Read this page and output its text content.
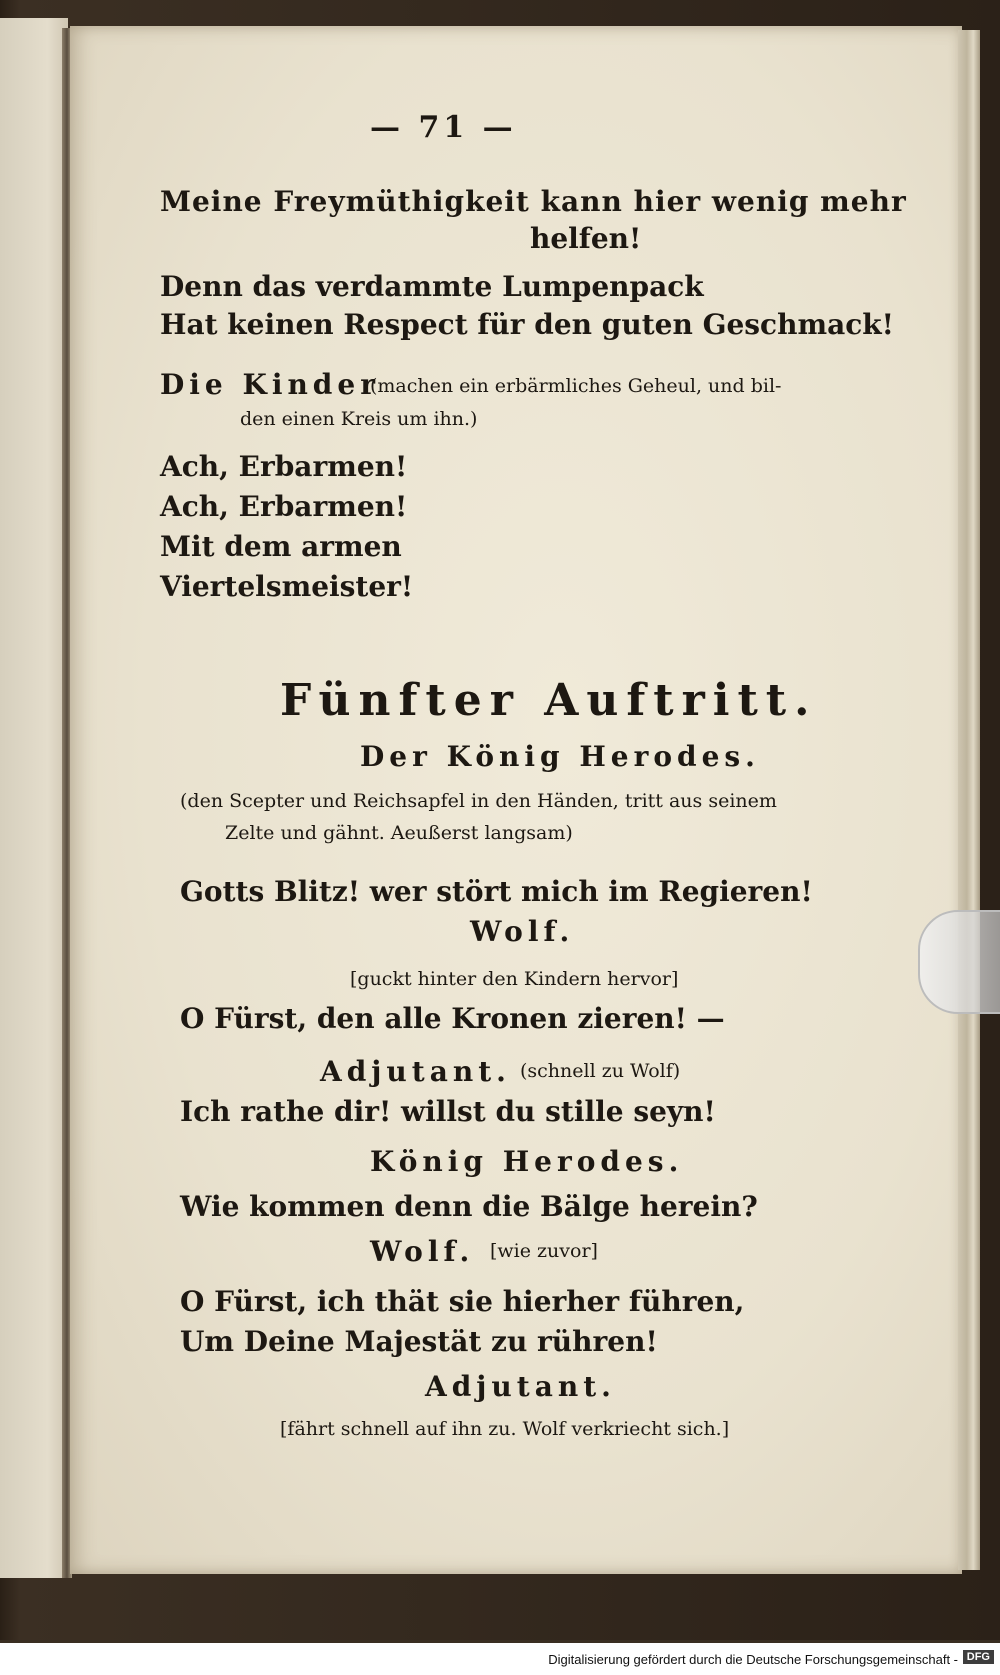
— 71 —
Meine Freymüthigkeit kann hier wenig mehr
helfen!
Denn das verdammte Lumpenpack
Hat keinen Respect für den guten Geschmack!
Die Kinder
(machen ein erbärmliches Geheul, und bil-
den einen Kreis um ihn.)
Ach, Erbarmen!
Ach, Erbarmen!
Mit dem armen
Viertelsmeister!
Fünfter Auftritt.
Der König Herodes.
(den Scepter und Reichsapfel in den Händen, tritt aus seinem
Zelte und gähnt. Aeußerst langsam)
Gotts Blitz! wer stört mich im Regieren!
Wolf.
[guckt hinter den Kindern hervor]
O Fürst, den alle Kronen zieren! —
Adjutant. (schnell zu Wolf)
Ich rathe dir! willst du stille seyn!
König Herodes.
Wie kommen denn die Bälge herein?
Wolf. [wie zuvor]
O Fürst, ich thät sie hierher führen,
Um Deine Majestät zu rühren!
Adjutant.
[fährt schnell auf ihn zu. Wolf verkriecht sich.]
Digitalisierung gefördert durch die Deutsche Forschungsgemeinschaft - DFG
